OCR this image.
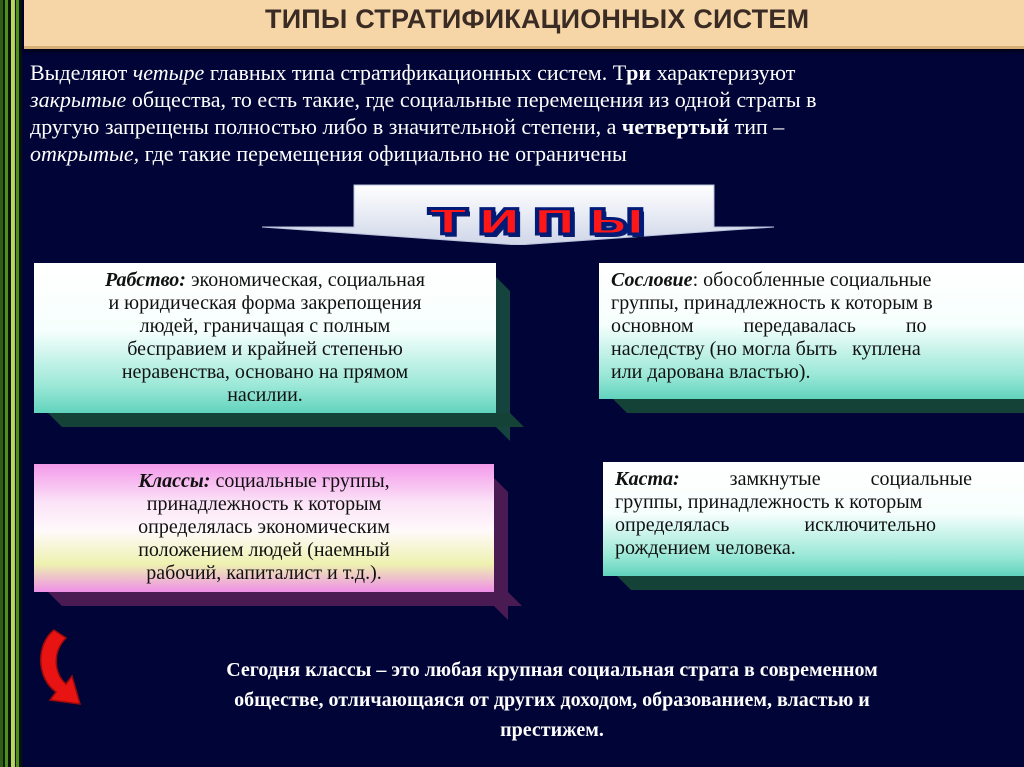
ТИПЫ СТРАТИФИКАЦИОННЫХ СИСТЕМ
Выделяют четыре главных типа стратификационных систем. Три характеризуют
закрытые общества, то есть такие, где социальные перемещения из одной страты в
другую запрещены полностью либо в значительной степени, а четвертый тип –
открытые, где такие перемещения официально не ограничены
типы
Рабство: экономическая, социальная
и юридическая форма закрепощения
людей, граничащая с полным
бесправием и крайней степенью
неравенства, основано на прямом
насилии.
Сословие: обособленные социальные
группы, принадлежность к которым в
основном          передавалась          по
наследству (но могла быть   куплена
или дарована властью).
Классы: социальные группы,
принадлежность к которым
определялась экономическим
положением людей (наемный
рабочий, капиталист и т.д.).
Каста:          замкнутые          социальные
группы, принадлежность к которым
определялась               исключительно
рождением человека.
Сегодня классы – это любая крупная социальная страта в современном
обществе, отличающаяся от других доходом, образованием, властью и
престижем.
